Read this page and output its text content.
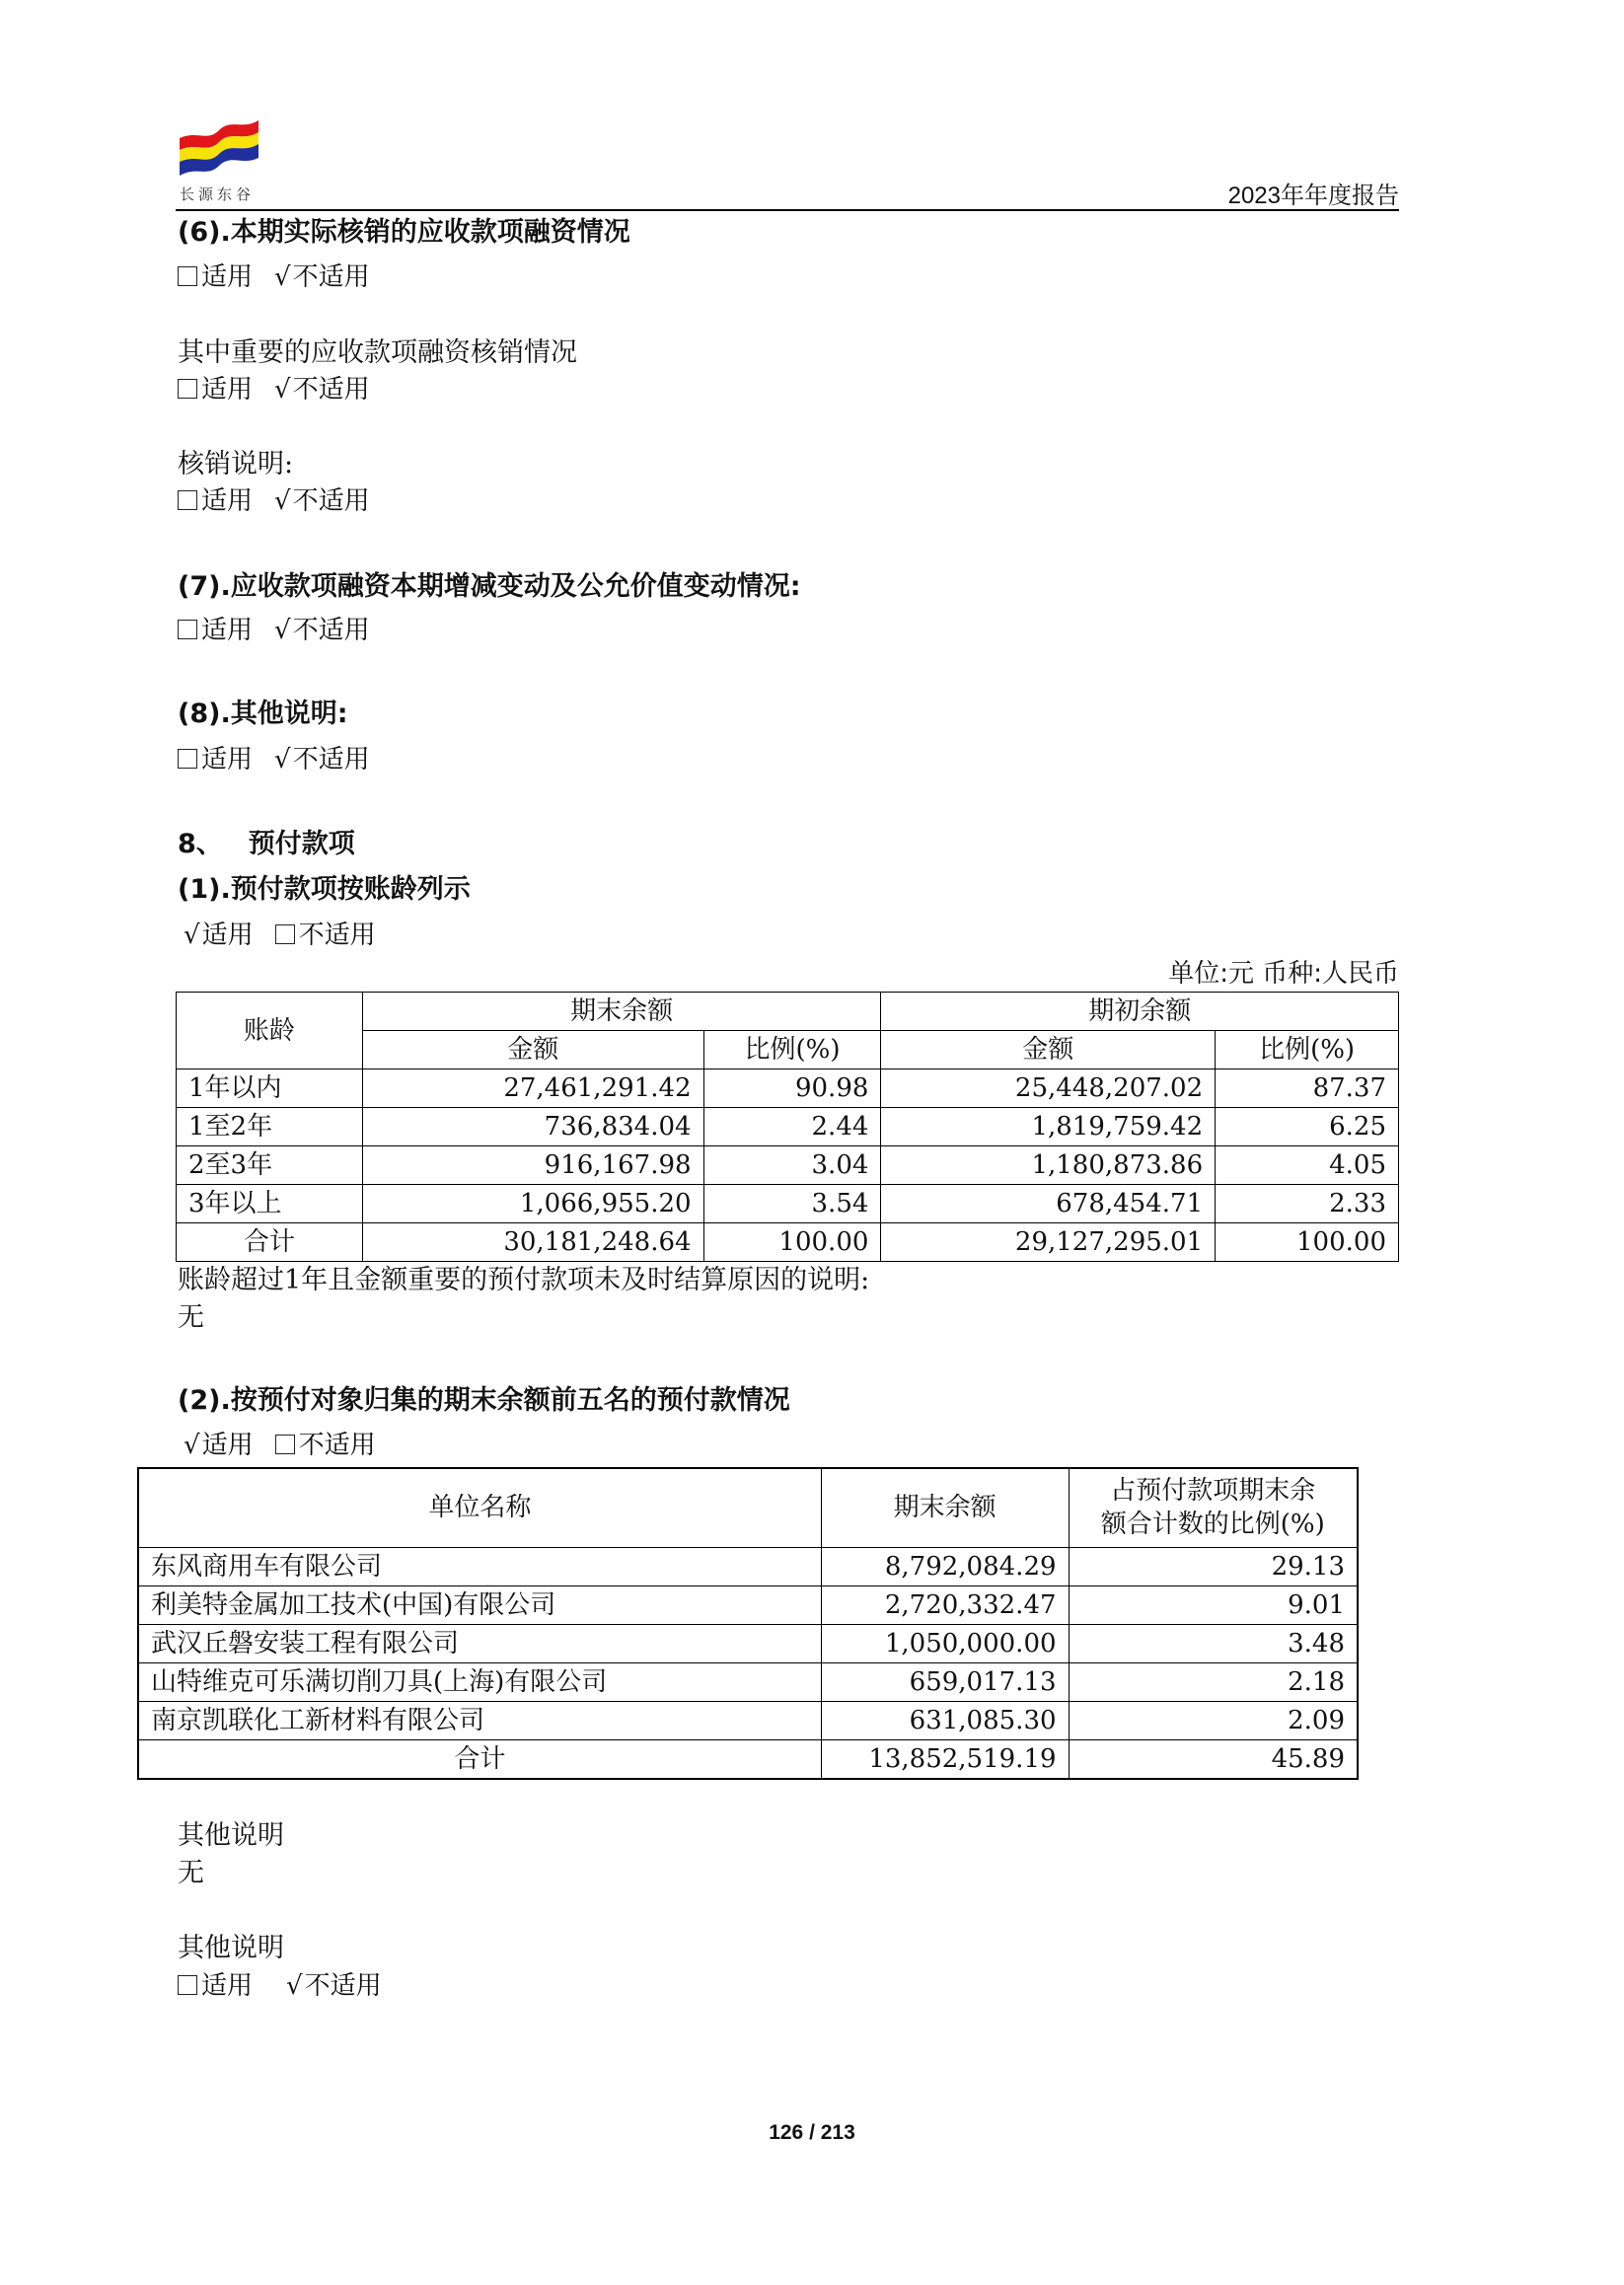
长源东谷	2023年年度报告
(6).本期实际核销的应收款项融资情况
适用 √不适用
其中重要的应收款项融资核销情况
适用 √不适用
核销说明:
适用 √不适用
(7).应收款项融资本期增减变动及公允价值变动情况:
适用 √不适用
(8).其他说明:
适用 √不适用
8、 预付款项
(1).预付款项按账龄列示
√适用 不适用
单位:元 币种:人民币
账龄	期末余额		期初余额	
	金额	比例(%)	金额	比例(%)
1年以内	27,461,291.42	90.98	25,448,207.02	87.37
1至2年	736,834.04	2.44	1,819,759.42	6.25
2至3年	916,167.98	3.04	1,180,873.86	4.05
3年以上	1,066,955.20	3.54	678,454.71	2.33
合计	30,181,248.64	100.00	29,127,295.01	100.00
账龄超过1年且金额重要的预付款项未及时结算原因的说明:
无
(2).按预付对象归集的期末余额前五名的预付款情况
√适用 不适用
单位名称	期末余额	占预付款项期末余
额合计数的比例(%)

东风商用车有限公司	8,792,084.29	29.13
利美特金属加工技术(中国)有限公司	2,720,332.47	9.01
武汉丘磐安装工程有限公司	1,050,000.00	3.48
山特维克可乐满切削刀具(上海)有限公司	659,017.13	2.18
南京凯联化工新材料有限公司	631,085.30	2.09
合计	13,852,519.19	45.89
其他说明
无
其他说明
适用 √不适用
126 / 213
